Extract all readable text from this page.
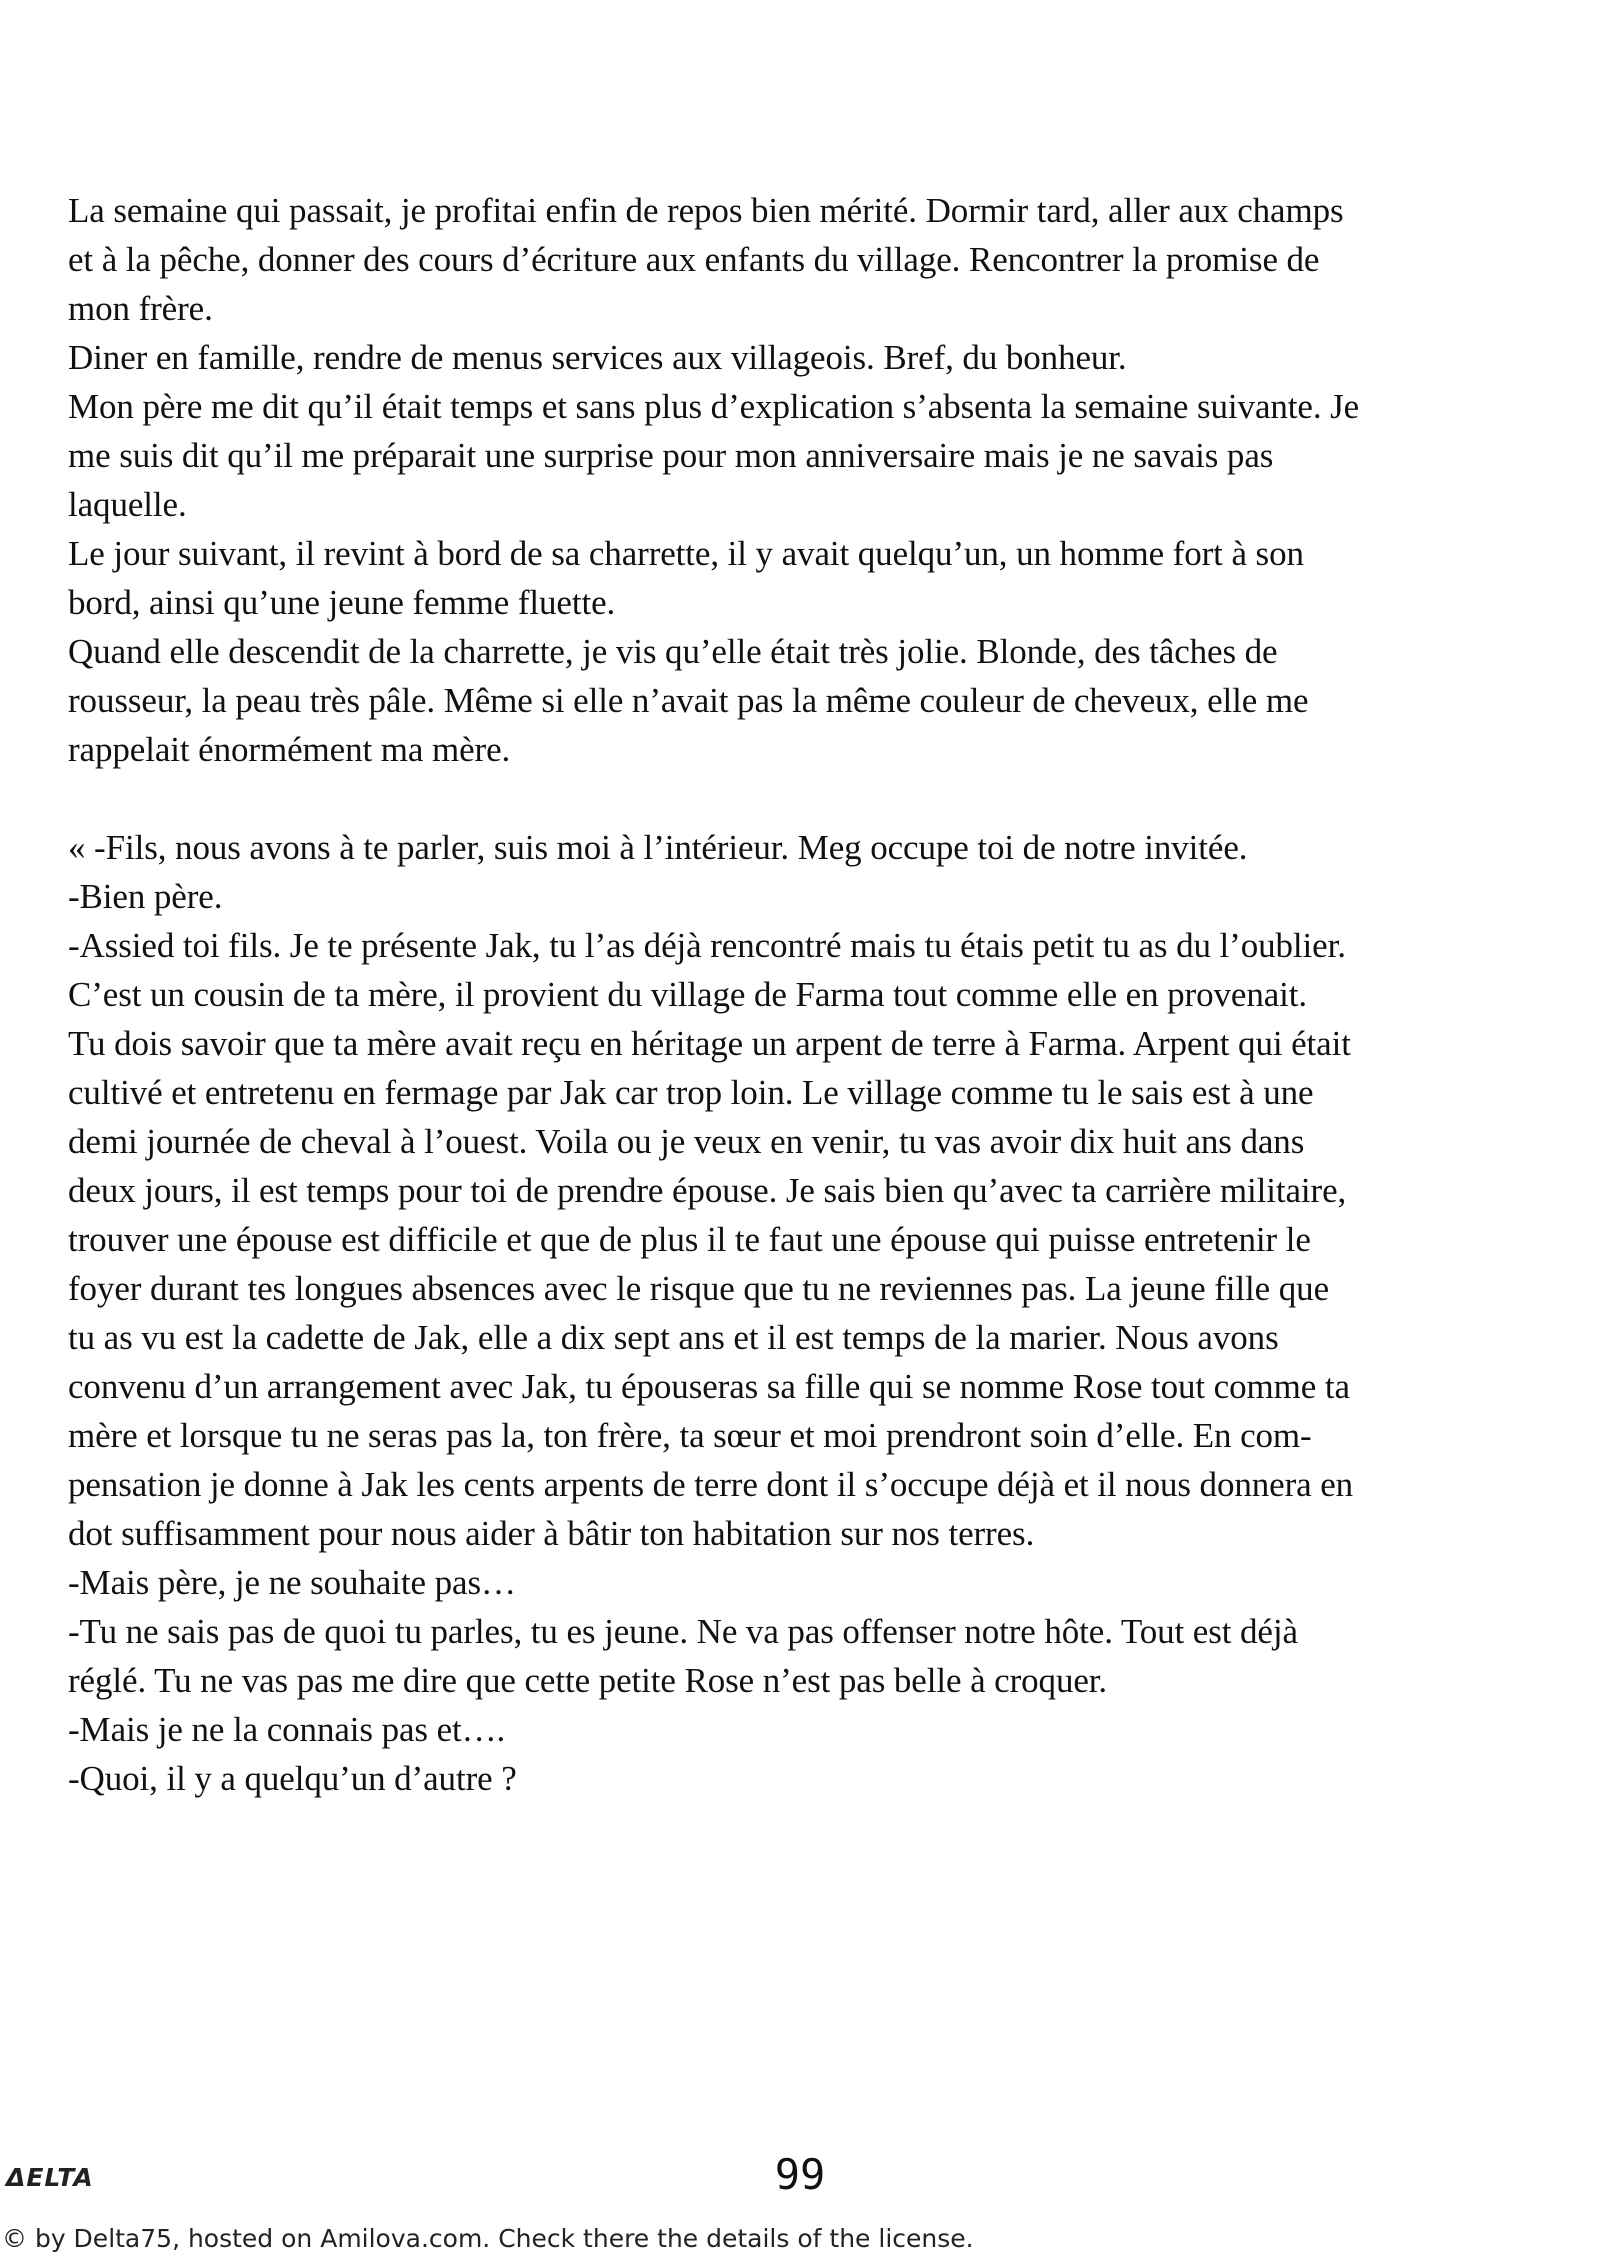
La semaine qui passait, je profitai enfin de repos bien mérité. Dormir tard, aller aux champs
et à la pêche, donner des cours d’écriture aux enfants du village. Rencontrer la promise de
mon frère.
Diner en famille, rendre de menus services aux villageois. Bref, du bonheur.
Mon père me dit qu’il était temps et sans plus d’explication s’absenta la semaine suivante. Je
me suis dit qu’il me préparait une surprise pour mon anniversaire mais je ne savais pas
laquelle.
Le jour suivant, il revint à bord de sa charrette, il y avait quelqu’un, un homme fort à son
bord, ainsi qu’une jeune femme fluette.
Quand elle descendit de la charrette, je vis qu’elle était très jolie. Blonde, des tâches de
rousseur, la peau très pâle. Même si elle n’avait pas la même couleur de cheveux, elle me
rappelait énormément ma mère.
« -Fils, nous avons à te parler, suis moi à l’intérieur. Meg occupe toi de notre invitée.
-Bien père.
-Assied toi fils. Je te présente Jak, tu l’as déjà rencontré mais tu étais petit tu as du l’oublier.
C’est un cousin de ta mère, il provient du village de Farma tout comme elle en provenait.
Tu dois savoir que ta mère avait reçu en héritage un arpent de terre à Farma. Arpent qui était
cultivé et entretenu en fermage par Jak car trop loin. Le village comme tu le sais est à une
demi journée de cheval à l’ouest. Voila ou je veux en venir, tu vas avoir dix huit ans dans
deux jours, il est temps pour toi de prendre épouse. Je sais bien qu’avec ta carrière militaire,
trouver une épouse est difficile et que de plus il te faut une épouse qui puisse entretenir le
foyer durant tes longues absences avec le risque que tu ne reviennes pas. La jeune fille que
tu as vu est la cadette de Jak, elle a dix sept ans et il est temps de la marier. Nous avons
convenu d’un arrangement avec Jak, tu épouseras sa fille qui se nomme Rose tout comme ta
mère et lorsque tu ne seras pas la, ton frère, ta sœur et moi prendront soin d’elle. En com-
pensation je donne à Jak les cents arpents de terre dont il s’occupe déjà et il nous donnera en
dot suffisamment pour nous aider à bâtir ton habitation sur nos terres.
-Mais père, je ne souhaite pas…
-Tu ne sais pas de quoi tu parles, tu es jeune. Ne va pas offenser notre hôte. Tout est déjà
réglé. Tu ne vas pas me dire que cette petite Rose n’est pas belle à croquer.
-Mais je ne la connais pas et….
-Quoi, il y a quelqu’un d’autre ?
ΔELTA	99
© by Delta75, hosted on Amilova.com. Check there the details of the license.
